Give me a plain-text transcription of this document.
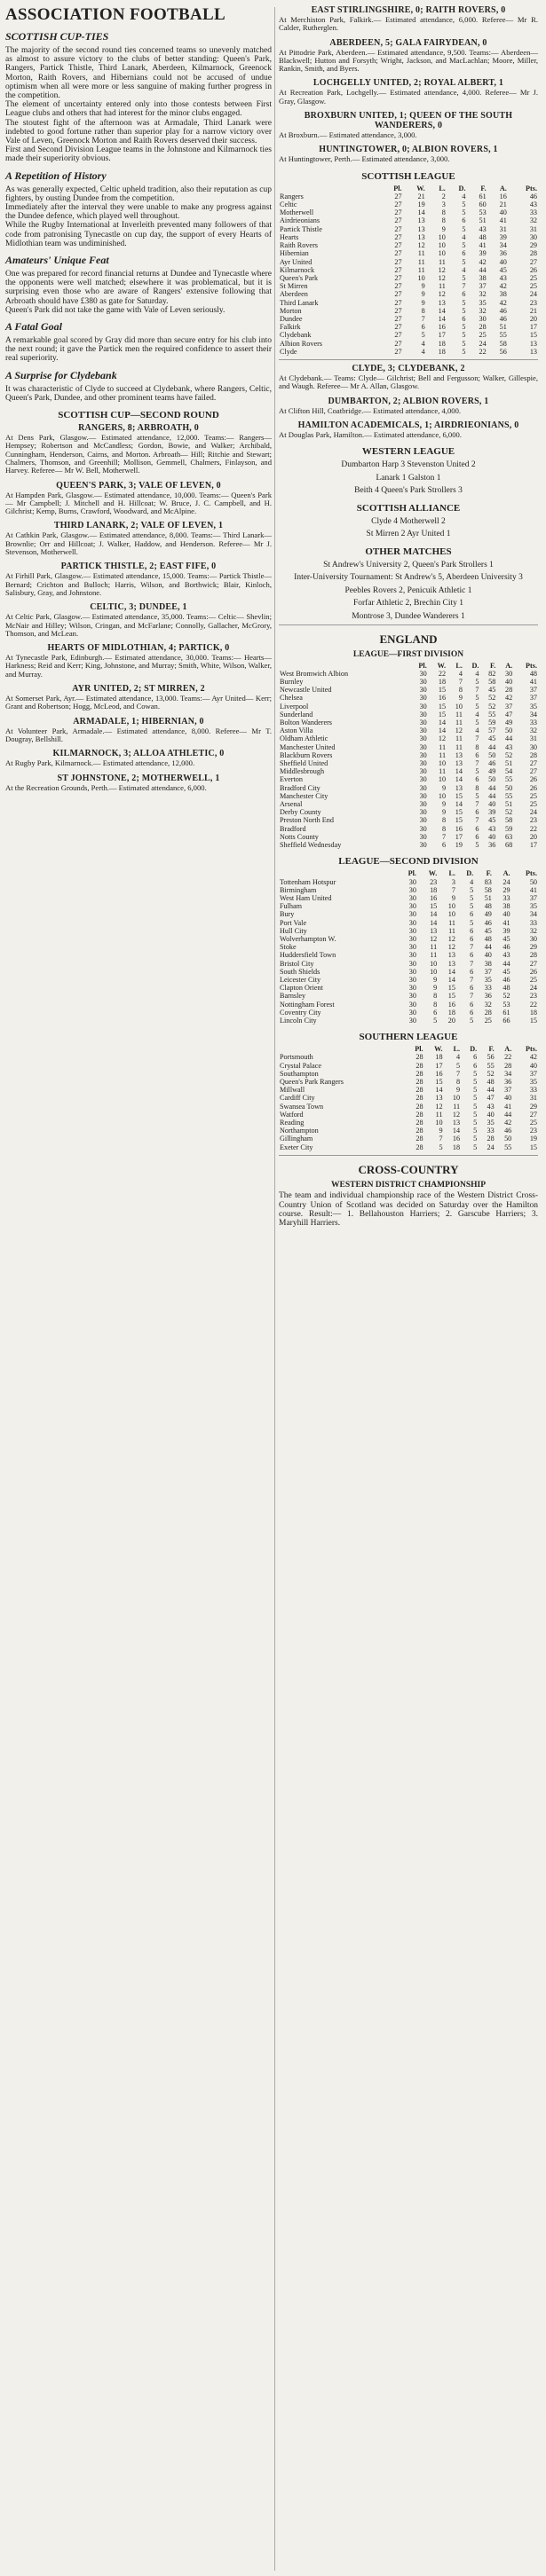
ASSOCIATION FOOTBALL
SCOTTISH CUP-TIES

The majority of the second round ties concerned teams so unevenly matched as almost to assure victory to the clubs of better standing: Queen's Park, Rangers, Partick Thistle, Third Lanark, Aberdeen, Kilmarnock, Greenock Morton, Raith Rovers, and Hibernians could not be accused of undue optimism when all were more or less sanguine of making further progress in the competition.

The element of uncertainty entered only into those contests between First League clubs and others that had interest for the minor clubs engaged.

The stoutest fight of the afternoon was at Armadale, Third Lanark were indebted to good fortune rather than superior play for a narrow victory over Vale of Leven, Greenock Morton and Raith Rovers deserved their success.

First and Second Division League teams in the Johnstone and Kilmarnock ties made their superiority obvious.

A Repetition of History

As was generally expected, Celtic upheld tradition, also their reputation as cup fighters, by ousting Dundee from the competition.

Immediately after the interval they were unable to make any progress against the Dundee defence, which played well throughout.

While the Rugby International at Inverleith prevented many followers of that code from patronising Tynecastle on cup day, the support of every Hearts of Midlothian team was undiminished.

Amateurs' Unique Feat

One was prepared for record financial returns at Dundee and Tynecastle where the opponents were well matched; elsewhere it was problematical, but it is surprising even those who are aware of Rangers' extensive following that Arbroath should have £380 as gate for Saturday.

Queen's Park did not take the game with Vale of Leven seriously.

A Fatal Goal

A remarkable goal scored by Gray did more than secure entry for his club into the next round; it gave the Partick men the required confidence to assert their real superiority.

A Surprise for Clydebank

It was characteristic of Clyde to succeed at Clydebank, where Rangers, Celtic, Queen's Park, Dundee, and other prominent teams have failed.

SCOTTISH CUP—SECOND ROUND
RANGERS, 8; ARBROATH, 0

At Dens Park, Glasgow.— Estimated attendance, 12,000. Teams:— Rangers— Hempsey; Robertson and McCandless; Gordon, Bowie, and Walker; Archibald, Cunningham, Henderson, Cairns, and Morton. Arbroath— Hill; Ritchie and Stewart; Chalmers, Thomson, and Greenhill; Mollison, Gemmell, Chalmers, Finlayson, and Harvey. Referee— Mr W. Bell, Motherwell.

QUEEN'S PARK, 3; VALE OF LEVEN, 0

At Hampden Park, Glasgow.— Estimated attendance, 10,000. Teams:— Queen's Park— Mr Campbell; J. Mitchell and H. Hillcoat; W. Bruce, J. C. Campbell, and H. Gilchrist; Kemp, Burns, Crawford, Woodward, and McAlpine.

THIRD LANARK, 2; VALE OF LEVEN, 1

At Cathkin Park, Glasgow.— Estimated attendance, 8,000. Teams:— Third Lanark— Brownlie; Orr and Hillcoat; J. Walker, Haddow, and Henderson. Referee— Mr J. Stevenson, Motherwell.

PARTICK THISTLE, 2; EAST FIFE, 0

At Firhill Park, Glasgow.— Estimated attendance, 15,000. Teams:— Partick Thistle— Bernard; Crichton and Bulloch; Harris, Wilson, and Borthwick; Blair, Kinloch, Salisbury, Gray, and Johnstone.

CELTIC, 3; DUNDEE, 1

At Celtic Park, Glasgow.— Estimated attendance, 35,000. Teams:— Celtic— Shevlin; McNair and Hilley; Wilson, Cringan, and McFarlane; Connolly, Gallacher, McGrory, Thomson, and McLean.

HEARTS OF MIDLOTHIAN, 4; PARTICK, 0

At Tynecastle Park, Edinburgh.— Estimated attendance, 30,000. Teams:— Hearts— Harkness; Reid and Kerr; King, Johnstone, and Murray; Smith, White, Wilson, Walker, and Murray.

AYR UNITED, 2; ST MIRREN, 2

At Somerset Park, Ayr.— Estimated attendance, 13,000. Teams:— Ayr United— Kerr; Grant and Robertson; Hogg, McLeod, and Cowan.

ARMADALE, 1; HIBERNIAN, 0

At Volunteer Park, Armadale.— Estimated attendance, 8,000. Referee— Mr T. Dougray, Bellshill.

KILMARNOCK, 3; ALLOA ATHLETIC, 0

At Rugby Park, Kilmarnock.— Estimated attendance, 12,000.

ST JOHNSTONE, 2; MOTHERWELL, 1

At the Recreation Grounds, Perth.— Estimated attendance, 6,000.

EAST STIRLINGSHIRE, 0; RAITH ROVERS, 0

At Merchiston Park, Falkirk.— Estimated attendance, 6,000. Referee— Mr R. Calder, Rutherglen.

ABERDEEN, 5; GALA FAIRYDEAN, 0

At Pittodrie Park, Aberdeen.— Estimated attendance, 9,500. Teams:— Aberdeen— Blackwell; Hutton and Forsyth; Wright, Jackson, and MacLachlan; Moore, Miller, Rankin, Smith, and Byers.

LOCHGELLY UNITED, 2; ROYAL ALBERT, 1

At Recreation Park, Lochgelly.— Estimated attendance, 4,000. Referee— Mr J. Gray, Glasgow.

BROXBURN UNITED, 1; QUEEN OF THE SOUTH WANDERERS, 0

At Broxburn.— Estimated attendance, 3,000.

HUNTINGTOWER, 0; ALBION ROVERS, 1

At Huntingtower, Perth.— Estimated attendance, 3,000.

SCOTTISH LEAGUE
	Pl.	W.	L.	D.	F.	A.	Pts.
Rangers	27	21	2	4	61	16	46
Celtic	27	19	3	5	60	21	43
Motherwell	27	14	8	5	53	40	33
Airdrieonians	27	13	8	6	51	41	32
Partick Thistle	27	13	9	5	43	31	31
Hearts	27	13	10	4	48	39	30
Raith Rovers	27	12	10	5	41	34	29
Hibernian	27	11	10	6	39	36	28
Ayr United	27	11	11	5	42	40	27
Kilmarnock	27	11	12	4	44	45	26
Queen's Park	27	10	12	5	38	43	25
St Mirren	27	9	11	7	37	42	25
Aberdeen	27	9	12	6	32	38	24
Third Lanark	27	9	13	5	35	42	23
Morton	27	8	14	5	32	46	21
Dundee	27	7	14	6	30	46	20
Falkirk	27	6	16	5	28	51	17
Clydebank	27	5	17	5	25	55	15
Albion Rovers	27	4	18	5	24	58	13
Clyde	27	4	18	5	22	56	13
CLYDE, 3; CLYDEBANK, 2

At Clydebank.— Teams: Clyde— Gilchrist; Bell and Fergusson; Walker, Gillespie, and Waugh. Referee— Mr A. Allan, Glasgow.

DUMBARTON, 2; ALBION ROVERS, 1

At Clifton Hill, Coatbridge.— Estimated attendance, 4,000.

HAMILTON ACADEMICALS, 1; AIRDRIEONIANS, 0

At Douglas Park, Hamilton.— Estimated attendance, 6,000.

WESTERN LEAGUE
Dumbarton Harp 3 Stevenston United 2
Lanark 1 Galston 1
Beith 4 Queen's Park Strollers 3
SCOTTISH ALLIANCE
Clyde 4 Motherwell 2
St Mirren 2 Ayr United 1
OTHER MATCHES
St Andrew's University 2, Queen's Park Strollers 1
Inter-University Tournament: St Andrew's 5, Aberdeen University 3
Peebles Rovers 2, Penicuik Athletic 1
Forfar Athletic 2, Brechin City 1
Montrose 3, Dundee Wanderers 1
ENGLAND
LEAGUE—FIRST DIVISION
	Pl.	W.	L.	D.	F.	A.	Pts.
West Bromwich Albion	30	22	4	4	82	30	48
Burnley	30	18	7	5	58	40	41
Newcastle United	30	15	8	7	45	28	37
Chelsea	30	16	9	5	52	42	37
Liverpool	30	15	10	5	52	37	35
Sunderland	30	15	11	4	55	47	34
Bolton Wanderers	30	14	11	5	59	49	33
Aston Villa	30	14	12	4	57	50	32
Oldham Athletic	30	12	11	7	45	44	31
Manchester United	30	11	11	8	44	43	30
Blackburn Rovers	30	11	13	6	50	52	28
Sheffield United	30	10	13	7	46	51	27
Middlesbrough	30	11	14	5	49	54	27
Everton	30	10	14	6	50	55	26
Bradford City	30	9	13	8	44	50	26
Manchester City	30	10	15	5	44	55	25
Arsenal	30	9	14	7	40	51	25
Derby County	30	9	15	6	39	52	24
Preston North End	30	8	15	7	45	58	23
Bradford	30	8	16	6	43	59	22
Notts County	30	7	17	6	40	63	20
Sheffield Wednesday	30	6	19	5	36	68	17
LEAGUE—SECOND DIVISION
	Pl.	W.	L.	D.	F.	A.	Pts.
Tottenham Hotspur	30	23	3	4	83	24	50
Birmingham	30	18	7	5	58	29	41
West Ham United	30	16	9	5	51	33	37
Fulham	30	15	10	5	48	38	35
Bury	30	14	10	6	49	40	34
Port Vale	30	14	11	5	46	41	33
Hull City	30	13	11	6	45	39	32
Wolverhampton W.	30	12	12	6	48	45	30
Stoke	30	11	12	7	44	46	29
Huddersfield Town	30	11	13	6	40	43	28
Bristol City	30	10	13	7	38	44	27
South Shields	30	10	14	6	37	45	26
Leicester City	30	9	14	7	35	46	25
Clapton Orient	30	9	15	6	33	48	24
Barnsley	30	8	15	7	36	52	23
Nottingham Forest	30	8	16	6	32	53	22
Coventry City	30	6	18	6	28	61	18
Lincoln City	30	5	20	5	25	66	15
SOUTHERN LEAGUE
	Pl.	W.	L.	D.	F.	A.	Pts.
Portsmouth	28	18	4	6	56	22	42
Crystal Palace	28	17	5	6	55	28	40
Southampton	28	16	7	5	52	34	37
Queen's Park Rangers	28	15	8	5	48	36	35
Millwall	28	14	9	5	44	37	33
Cardiff City	28	13	10	5	47	40	31
Swansea Town	28	12	11	5	43	41	29
Watford	28	11	12	5	40	44	27
Reading	28	10	13	5	35	42	25
Northampton	28	9	14	5	33	46	23
Gillingham	28	7	16	5	28	50	19
Exeter City	28	5	18	5	24	55	15
CROSS-COUNTRY
WESTERN DISTRICT CHAMPIONSHIP

The team and individual championship race of the Western District Cross-Country Union of Scotland was decided on Saturday over the Hamilton course. Result:— 1. Bellahouston Harriers; 2. Garscube Harriers; 3. Maryhill Harriers.
